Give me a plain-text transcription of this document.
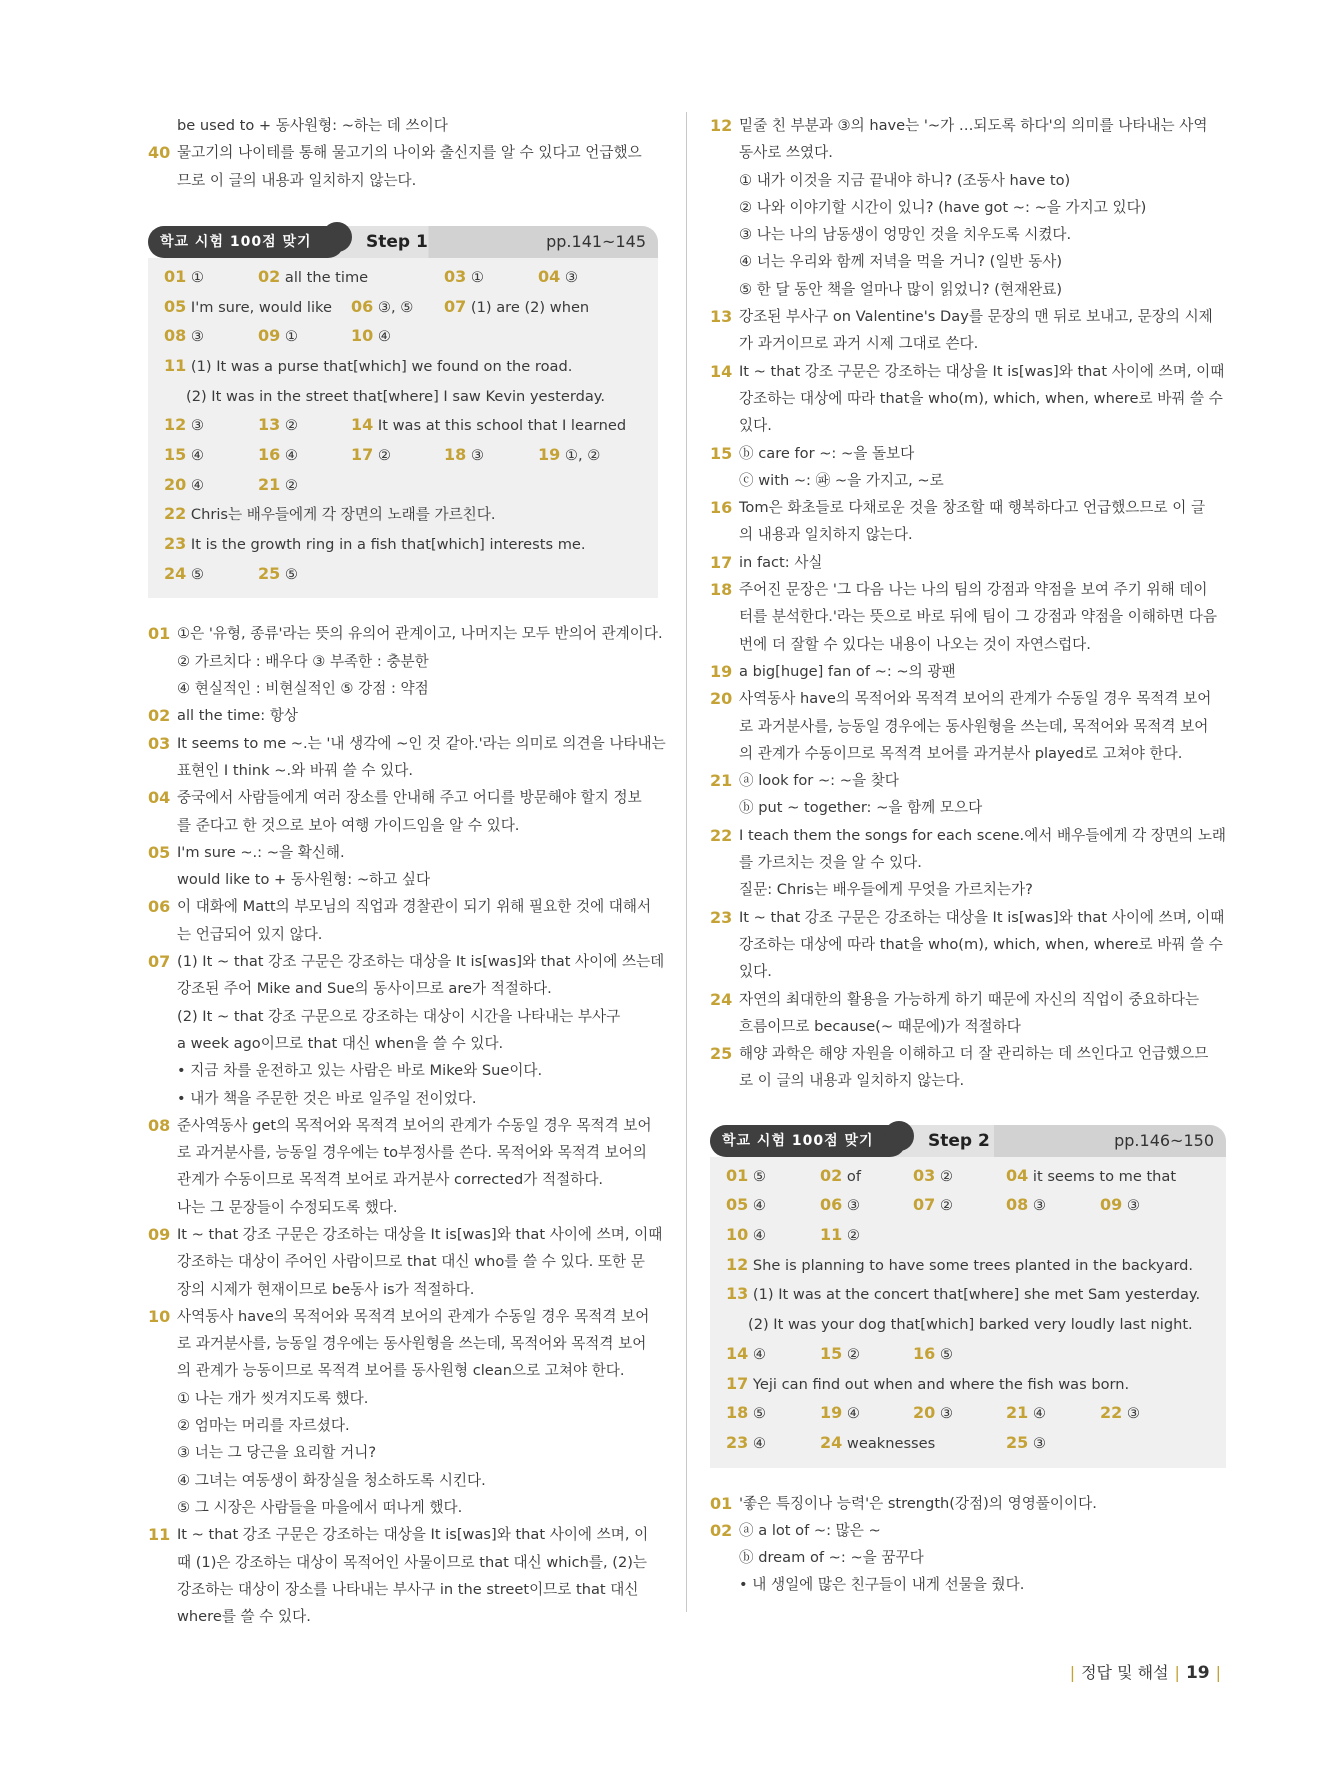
be used to + 동사원형: ~하는 데 쓰이다
40 물고기의 나이테를 통해 물고기의 나이와 출신지를 알 수 있다고 언급했으
므로 이 글의 내용과 일치하지 않는다.
학교 시험 100점 맞기	Step 1	pp.141~145
01 ①	02 all the time	03 ①	04 ③
05 I'm sure, would like 06 ③, ⑤ 07 (1) are (2) when
08 ③	09 ①	10 ④
11 (1) It was a purse that[which] we found on the road.
(2) It was in the street that[where] I saw Kevin yesterday.
12 ③	13 ②	14 It was at this school that I learned
15 ④	16 ④	17 ②	18 ③	19 ①, ②
20 ④	21 ②
22 Chris는 배우들에게 각 장면의 노래를 가르친다.
23 It is the growth ring in a fish that[which] interests me.
24 ⑤	25 ⑤
01 ①은 '유형, 종류'라는 뜻의 유의어 관계이고, 나머지는 모두 반의어 관계이다.
② 가르치다 : 배우다 ③ 부족한 : 충분한
④ 현실적인 : 비현실적인 ⑤ 강점 : 약점
02 all the time: 항상
03 It seems to me ~.는 '내 생각에 ~인 것 같아.'라는 의미로 의견을 나타내는
표현인 I think ~.와 바꿔 쓸 수 있다.
04 중국에서 사람들에게 여러 장소를 안내해 주고 어디를 방문해야 할지 정보
를 준다고 한 것으로 보아 여행 가이드임을 알 수 있다.
05 I'm sure ~.: ~을 확신해.
would like to + 동사원형: ~하고 싶다
06 이 대화에 Matt의 부모님의 직업과 경찰관이 되기 위해 필요한 것에 대해서
는 언급되어 있지 않다.
07 (1) It ~ that 강조 구문은 강조하는 대상을 It is[was]와 that 사이에 쓰는데
강조된 주어 Mike and Sue의 동사이므로 are가 적절하다.
(2) It ~ that 강조 구문으로 강조하는 대상이 시간을 나타내는 부사구
a week ago이므로 that 대신 when을 쓸 수 있다.
• 지금 차를 운전하고 있는 사람은 바로 Mike와 Sue이다.
• 내가 책을 주문한 것은 바로 일주일 전이었다.
08 준사역동사 get의 목적어와 목적격 보어의 관계가 수동일 경우 목적격 보어
로 과거분사를, 능동일 경우에는 to부정사를 쓴다. 목적어와 목적격 보어의
관계가 수동이므로 목적격 보어로 과거분사 corrected가 적절하다.
나는 그 문장들이 수정되도록 했다.
09 It ~ that 강조 구문은 강조하는 대상을 It is[was]와 that 사이에 쓰며, 이때
강조하는 대상이 주어인 사람이므로 that 대신 who를 쓸 수 있다. 또한 문
장의 시제가 현재이므로 be동사 is가 적절하다.
10 사역동사 have의 목적어와 목적격 보어의 관계가 수동일 경우 목적격 보어
로 과거분사를, 능동일 경우에는 동사원형을 쓰는데, 목적어와 목적격 보어
의 관계가 능동이므로 목적격 보어를 동사원형 clean으로 고쳐야 한다.
① 나는 개가 씻겨지도록 했다.
② 엄마는 머리를 자르셨다.
③ 너는 그 당근을 요리할 거니?
④ 그녀는 여동생이 화장실을 청소하도록 시킨다.
⑤ 그 시장은 사람들을 마을에서 떠나게 했다.
11 It ~ that 강조 구문은 강조하는 대상을 It is[was]와 that 사이에 쓰며, 이
때 (1)은 강조하는 대상이 목적어인 사물이므로 that 대신 which를, (2)는
강조하는 대상이 장소를 나타내는 부사구 in the street이므로 that 대신
where를 쓸 수 있다.
12 밑줄 친 부분과 ③의 have는 '~가 …되도록 하다'의 의미를 나타내는 사역
동사로 쓰였다.
① 내가 이것을 지금 끝내야 하니? (조동사 have to)
② 나와 이야기할 시간이 있니? (have got ~: ~을 가지고 있다)
③ 나는 나의 남동생이 엉망인 것을 치우도록 시켰다.
④ 너는 우리와 함께 저녁을 먹을 거니? (일반 동사)
⑤ 한 달 동안 책을 얼마나 많이 읽었니? (현재완료)
13 강조된 부사구 on Valentine's Day를 문장의 맨 뒤로 보내고, 문장의 시제
가 과거이므로 과거 시제 그대로 쓴다.
14 It ~ that 강조 구문은 강조하는 대상을 It is[was]와 that 사이에 쓰며, 이때
강조하는 대상에 따라 that을 who(m), which, when, where로 바꿔 쓸 수
있다.
15 ⓑ care for ~: ~을 돌보다
ⓒ with ~: ㉺ ~을 가지고, ~로
16 Tom은 화초들로 다채로운 것을 창조할 때 행복하다고 언급했으므로 이 글
의 내용과 일치하지 않는다.
17 in fact: 사실
18 주어진 문장은 '그 다음 나는 나의 팀의 강점과 약점을 보여 주기 위해 데이
터를 분석한다.'라는 뜻으로 바로 뒤에 팀이 그 강점과 약점을 이해하면 다음
번에 더 잘할 수 있다는 내용이 나오는 것이 자연스럽다.
19 a big[huge] fan of ~: ~의 광팬
20 사역동사 have의 목적어와 목적격 보어의 관계가 수동일 경우 목적격 보어
로 과거분사를, 능동일 경우에는 동사원형을 쓰는데, 목적어와 목적격 보어
의 관계가 수동이므로 목적격 보어를 과거분사 played로 고쳐야 한다.
21 ⓐ look for ~: ~을 찾다
ⓑ put ~ together: ~을 함께 모으다
22 I teach them the songs for each scene.에서 배우들에게 각 장면의 노래
를 가르치는 것을 알 수 있다.
질문: Chris는 배우들에게 무엇을 가르치는가?
23 It ~ that 강조 구문은 강조하는 대상을 It is[was]와 that 사이에 쓰며, 이때
강조하는 대상에 따라 that을 who(m), which, when, where로 바꿔 쓸 수
있다.
24 자연의 최대한의 활용을 가능하게 하기 때문에 자신의 직업이 중요하다는
흐름이므로 because(~ 때문에)가 적절하다
25 해양 과학은 해양 자원을 이해하고 더 잘 관리하는 데 쓰인다고 언급했으므
로 이 글의 내용과 일치하지 않는다.
학교 시험 100점 맞기	Step 2	pp.146~150
01 ⑤	02 of	03 ②	04 it seems to me that
05 ④	06 ③	07 ②	08 ③	09 ③
10 ④	11 ②
12 She is planning to have some trees planted in the backyard.
13 (1) It was at the concert that[where] she met Sam yesterday.
(2) It was your dog that[which] barked very loudly last night.
14 ④	15 ②	16 ⑤
17 Yeji can find out when and where the fish was born.
18 ⑤	19 ④	20 ③	21 ④	22 ③
23 ④	24 weaknesses	25 ③
01 '좋은 특징이나 능력'은 strength(강점)의 영영풀이이다.
02 ⓐ a lot of ~: 많은 ~
ⓑ dream of ~: ~을 꿈꾸다
• 내 생일에 많은 친구들이 내게 선물을 줬다.
| 정답 및 해설 | 19 |
